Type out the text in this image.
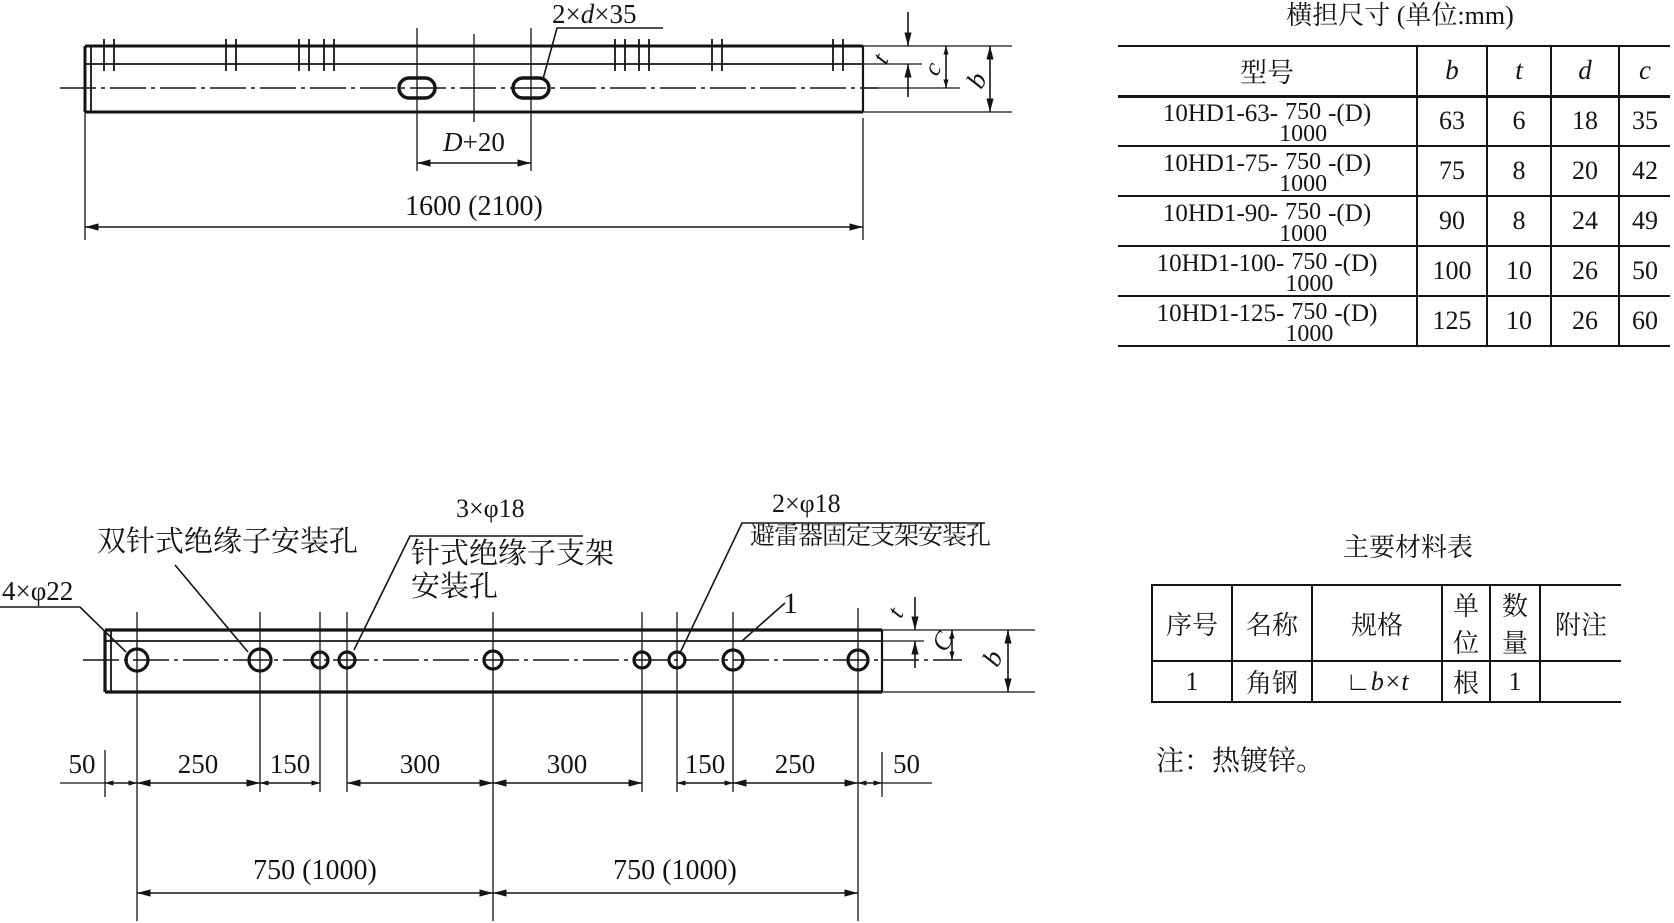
2×d×35
D+20
1600 (2100)
t c b
4×φ22
双针式绝缘子安装孔
3×φ18
针式绝缘子支架
安装孔
2×φ18
避雷器固定支架安装孔
1
50	250	150	300	300	150	250	50
750 (1000)	750 (1000)
t
C
b
横担尺寸 (单位:mm)
型号	b	t	d	c

10HD1-63- 750
1000
-(D)	63	6	18	35

10HD1-75- 750
1000
-(D)	75	8	20	42

10HD1-90- 750
1000
-(D)	90	8	24	49

10HD1-100- 750
1000
-(D)	100	10	26	50

10HD1-125- 750
1000
-(D)	125	10	26	60
主要材料表
序号	名称	规格	单位	数量	附注
1	角钢	∟b×t	根	1	
注：热镀锌。
